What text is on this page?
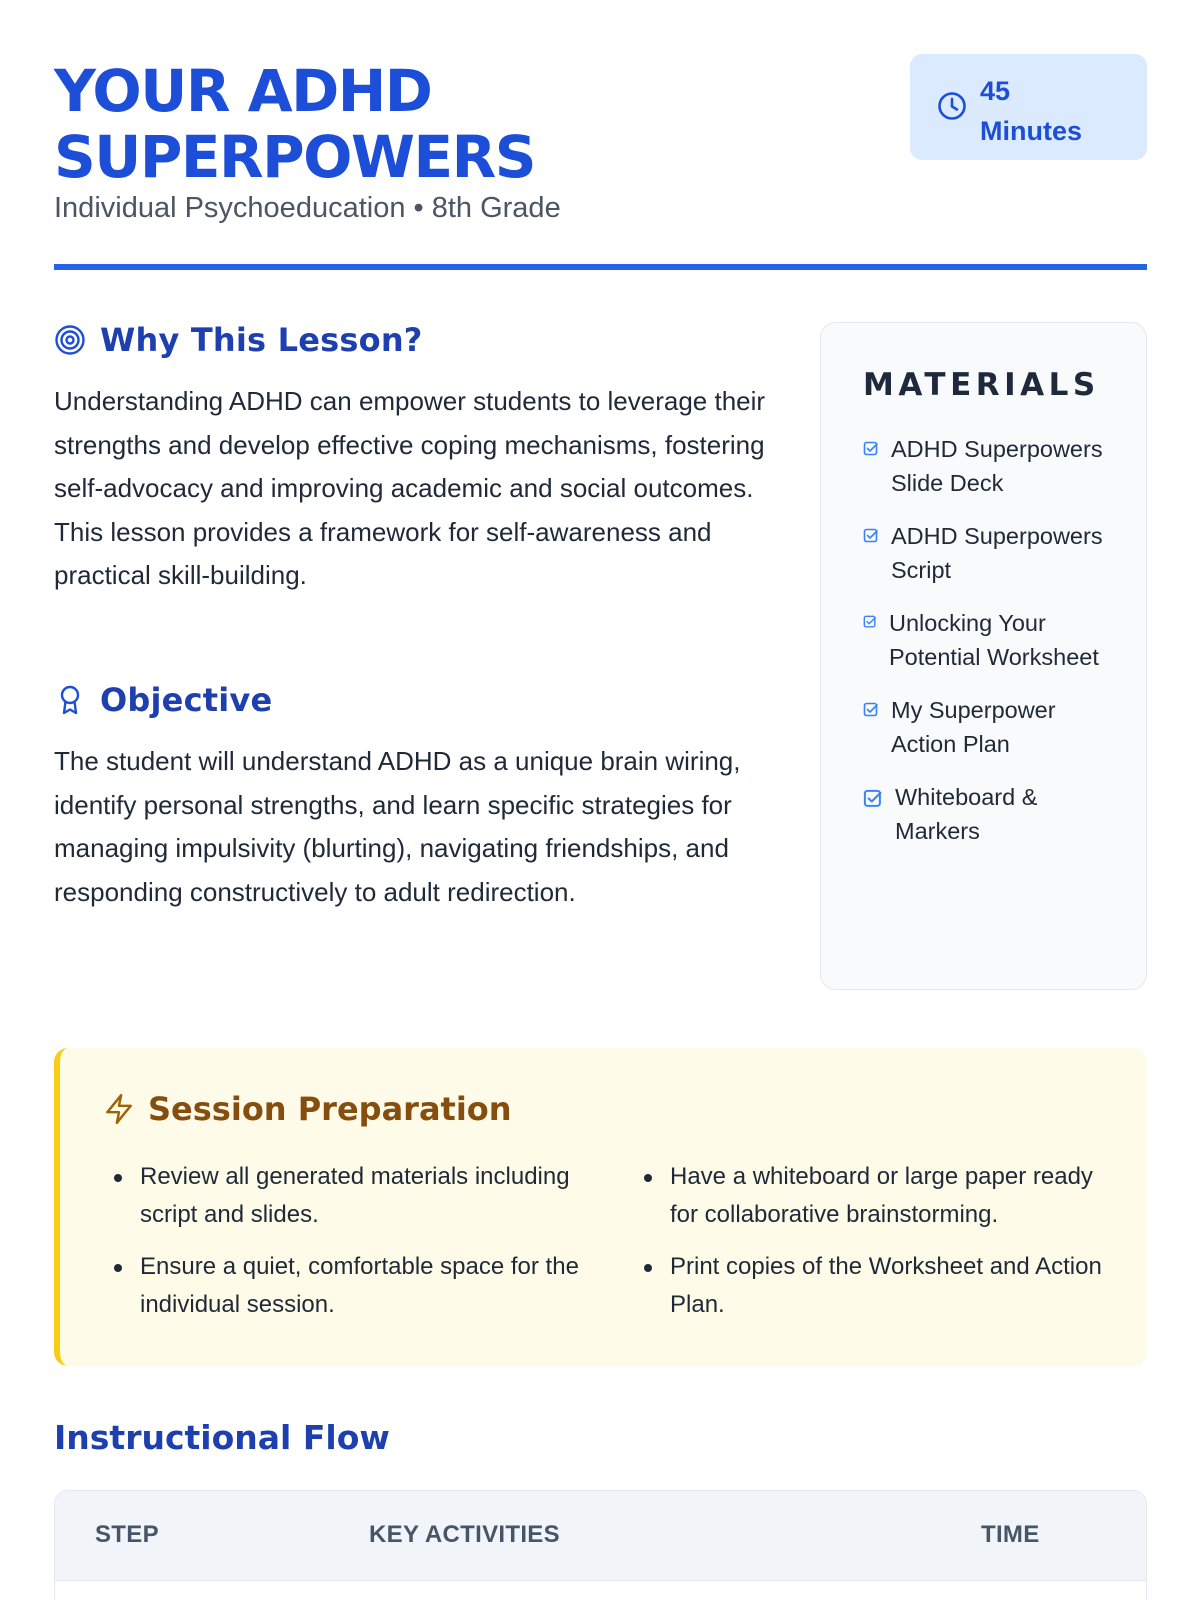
YOUR ADHD
SUPERPOWERS
Individual Psychoeducation • 8th Grade
45
Minutes
Why This Lesson?

Understanding ADHD can empower students to leverage their strengths and develop effective coping mechanisms, fostering self-advocacy and improving academic and social outcomes. This lesson provides a framework for self-awareness and practical skill-building.

Objective

The student will understand ADHD as a unique brain wiring, identify personal strengths, and learn specific strategies for managing impulsivity (blurting), navigating friendships, and responding constructively to adult redirection.

MATERIALS
ADHD Superpowers Slide Deck
ADHD Superpowers Script
Unlocking Your Potential Worksheet
My Superpower Action Plan
Whiteboard & Markers
Session Preparation
Review all generated materials including script and slides.
Ensure a quiet, comfortable space for the individual session.
Have a whiteboard or large paper ready for collaborative brainstorming.
Print copies of the Worksheet and Action Plan.
Instructional Flow
STEP	KEY ACTIVITIES	TIME
